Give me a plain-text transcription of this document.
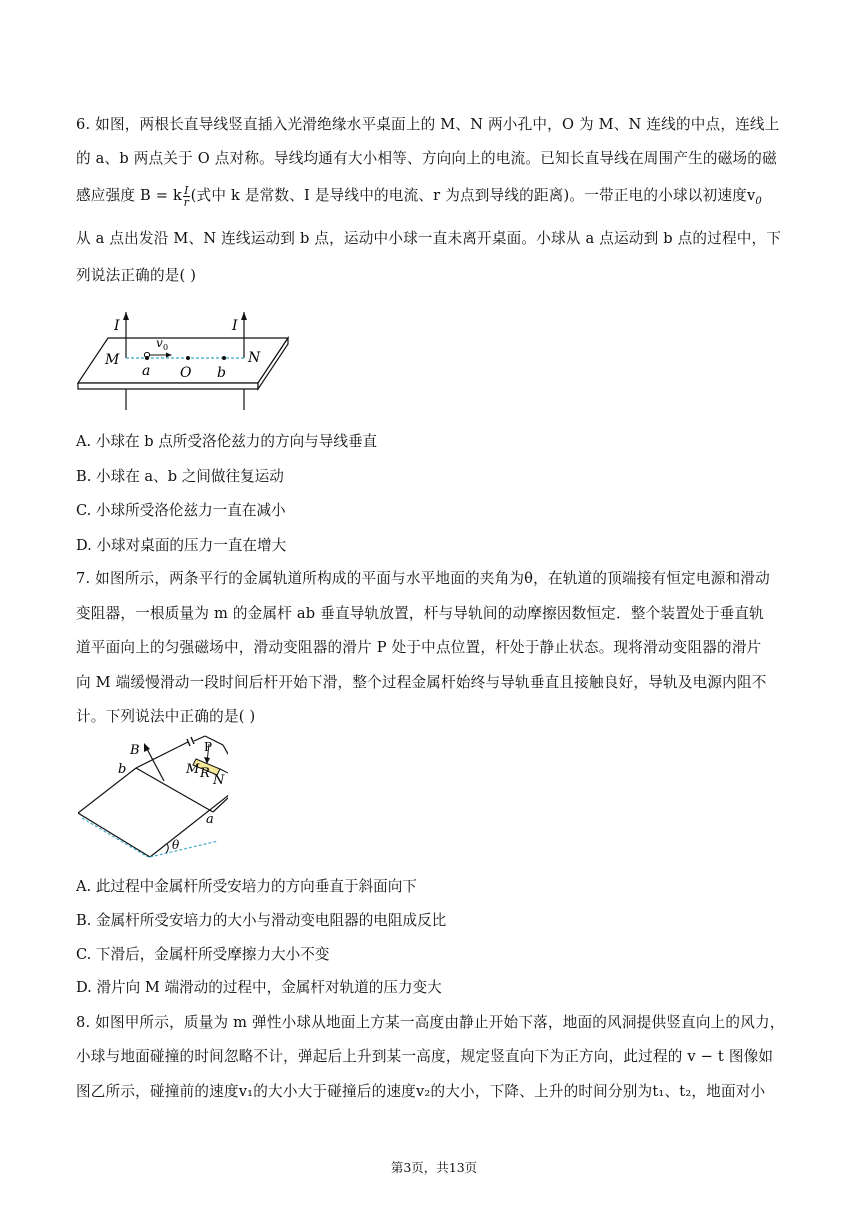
6. 如图，两根长直导线竖直插入光滑绝缘水平桌面上的 M、N 两小孔中，O 为 M、N 连线的中点，连线上
的 a、b 两点关于 O 点对称。导线均通有大小相等、方向向上的电流。已知长直导线在周围产生的磁场的磁
感应强度 B = k $\frac{I}{r}$ (式中 k 是常数、I 是导线中的电流、r 为点到导线的距离)。一带正电的小球以初速度$v_0$
从 a 点出发沿 M、N 连线运动到 b 点，运动中小球一直未离开桌面。小球从 a 点运动到 b 点的过程中，下
列说法正确的是( )
I	I
M	N
v 0
a O b
A. 小球在 b 点所受洛伦兹力的方向与导线垂直
B. 小球在 a、b 之间做往复运动
C. 小球所受洛伦兹力一直在减小
D. 小球对桌面的压力一直在增大
7. 如图所示，两条平行的金属轨道所构成的平面与水平地面的夹角为θ，在轨道的顶端接有恒定电源和滑动
变阻器，一根质量为 m 的金属杆 ab 垂直导轨放置，杆与导轨间的动摩擦因数恒定．整个装置处于垂直轨
道平面向上的匀强磁场中，滑动变阻器的滑片 P 处于中点位置，杆处于静止状态。现将滑动变阻器的滑片
向 M 端缓慢滑动一段时间后杆开始下滑，整个过程金属杆始终与导轨垂直且接触良好，导轨及电源内阻不
计。下列说法中正确的是( )
B
b
P
M R N
a
θ
A. 此过程中金属杆所受安培力的方向垂直于斜面向下
B. 金属杆所受安培力的大小与滑动变电阻器的电阻成反比
C. 下滑后，金属杆所受摩擦力大小不变
D. 滑片向 M 端滑动的过程中，金属杆对轨道的压力变大
8. 如图甲所示，质量为 m 弹性小球从地面上方某一高度由静止开始下落，地面的风洞提供竖直向上的风力，
小球与地面碰撞的时间忽略不计，弹起后上升到某一高度，规定竖直向下为正方向，此过程的 v − t 图像如
图乙所示，碰撞前的速度v₁的大小大于碰撞后的速度v₂的大小，下降、上升的时间分别为t₁、t₂，地面对小
第3页，共13页
